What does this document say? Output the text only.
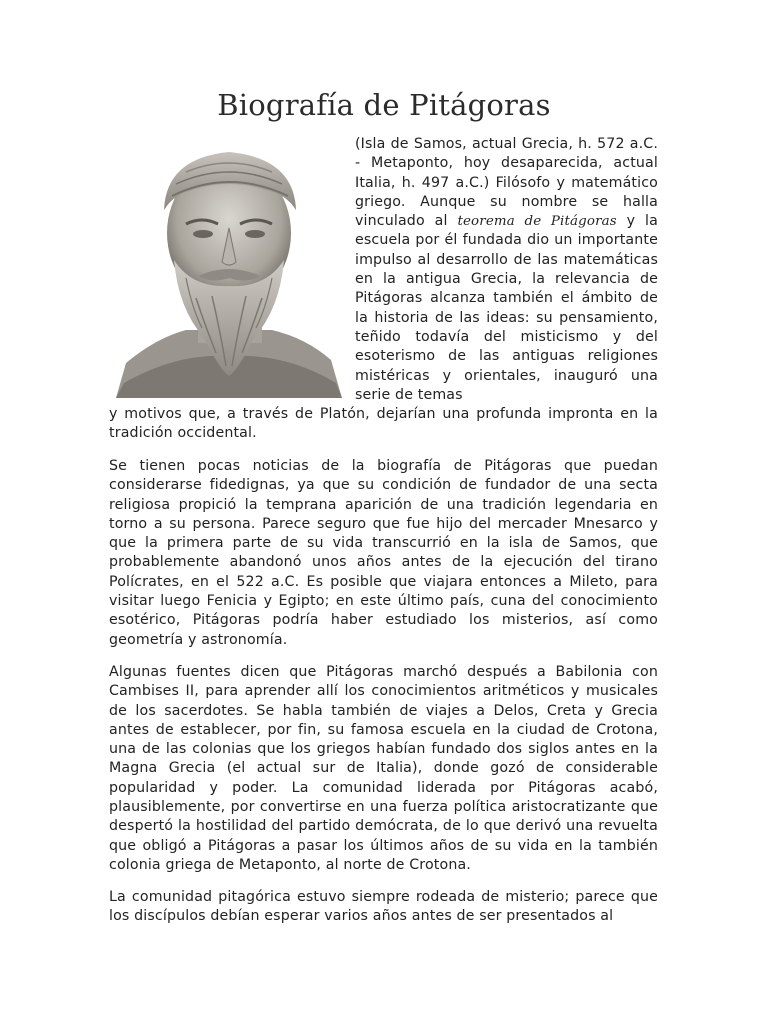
Biografía de Pitágoras

(Isla de Samos, actual Grecia, h. 572 a.C. - Metaponto, hoy desaparecida, actual Italia, h. 497 a.C.) Filósofo y matemático griego. Aunque su nombre se halla vinculado al teorema de Pitágoras y la escuela por él fundada dio un importante impulso al desarrollo de las matemáticas en la antigua Grecia, la relevancia de Pitágoras alcanza también el ámbito de la historia de las ideas: su pensamiento, teñido todavía del misticismo y del esoterismo de las antiguas religiones mistéricas y orientales, inauguró una serie de temas

y motivos que, a través de Platón, dejarían una profunda impronta en la tradición occidental.

Se tienen pocas noticias de la biografía de Pitágoras que puedan considerarse fidedignas, ya que su condición de fundador de una secta religiosa propició la temprana aparición de una tradición legendaria en torno a su persona. Parece seguro que fue hijo del mercader Mnesarco y que la primera parte de su vida transcurrió en la isla de Samos, que probablemente abandonó unos años antes de la ejecución del tirano Polícrates, en el 522 a.C. Es posible que viajara entonces a Mileto, para visitar luego Fenicia y Egipto; en este último país, cuna del conocimiento esotérico, Pitágoras podría haber estudiado los misterios, así como geometría y astronomía.

Algunas fuentes dicen que Pitágoras marchó después a Babilonia con Cambises II, para aprender allí los conocimientos aritméticos y musicales de los sacerdotes. Se habla también de viajes a Delos, Creta y Grecia antes de establecer, por fin, su famosa escuela en la ciudad de Crotona, una de las colonias que los griegos habían fundado dos siglos antes en la Magna Grecia (el actual sur de Italia), donde gozó de considerable popularidad y poder. La comunidad liderada por Pitágoras acabó, plausiblemente, por convertirse en una fuerza política aristocratizante que despertó la hostilidad del partido demócrata, de lo que derivó una revuelta que obligó a Pitágoras a pasar los últimos años de su vida en la también colonia griega de Metaponto, al norte de Crotona.

La comunidad pitagórica estuvo siempre rodeada de misterio; parece que los discípulos debían esperar varios años antes de ser presentados al
